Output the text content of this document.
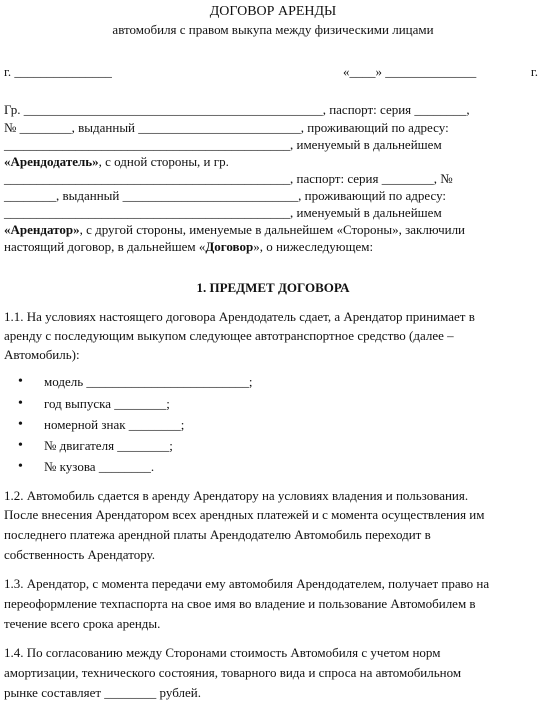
ДОГОВОР АРЕНДЫ
автомобиля с правом выкупа между физическими лицами
г. _______________	«____» ______________	г.
Гр. ______________________________________________, паспорт: серия ________,
№ ________, выданный _________________________, проживающий по адресу:
____________________________________________, именуемый в дальнейшем
«Арендодатель», с одной стороны, и гр.
____________________________________________, паспорт: серия ________, №
________, выданный ___________________________, проживающий по адресу:
____________________________________________, именуемый в дальнейшем
«Арендатор», с другой стороны, именуемые в дальнейшем «Стороны», заключили
настоящий договор, в дальнейшем «Договор», о нижеследующем:
1. ПРЕДМЕТ ДОГОВОРА
1.1. На условиях настоящего договора Арендодатель сдает, а Арендатор принимает в
аренду с последующим выкупом следующее автотранспортное средство (далее –
Автомобиль):
• модель _________________________;
• год выпуска ________;
• номерной знак ________;
• № двигателя ________;
• № кузова ________.
1.2. Автомобиль сдается в аренду Арендатору на условиях владения и пользования.
После внесения Арендатором всех арендных платежей и с момента осуществления им
последнего платежа арендной платы Арендодателю Автомобиль переходит в
собственность Арендатору.
1.3. Арендатор, с момента передачи ему автомобиля Арендодателем, получает право на
переоформление техпаспорта на свое имя во владение и пользование Автомобилем в
течение всего срока аренды.
1.4. По согласованию между Сторонами стоимость Автомобиля с учетом норм
амортизации, технического состояния, товарного вида и спроса на автомобильном
рынке составляет ________ рублей.
